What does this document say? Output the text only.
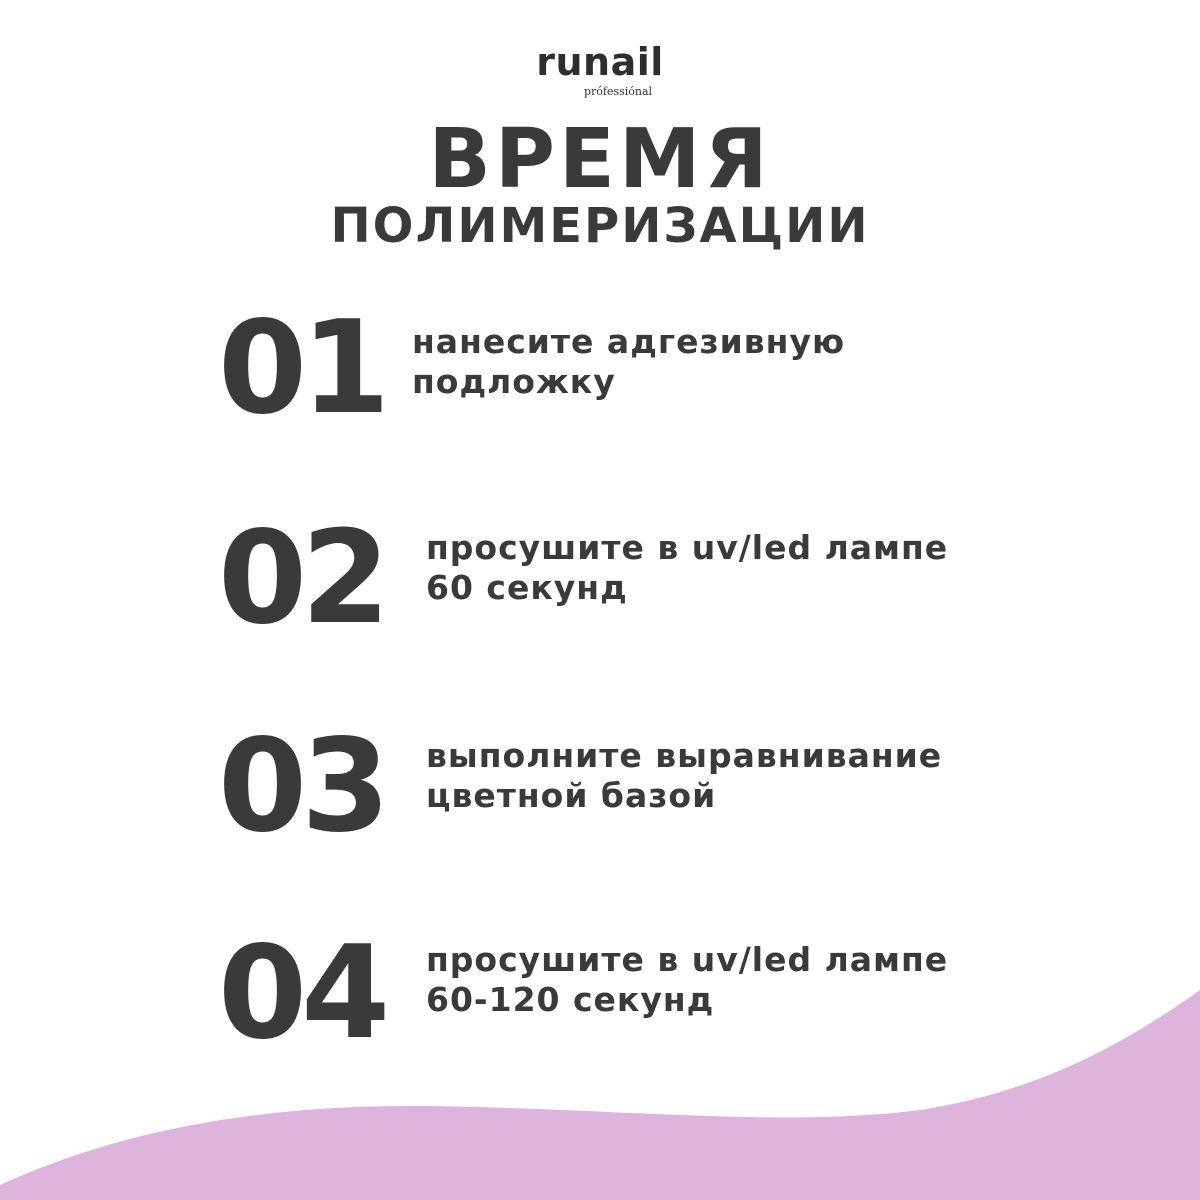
runail
prófessiónal
ВРЕМЯ
ПОЛИМЕРИЗАЦИИ
01 нанесите адгезивную
подложку
02 просушите в uv/led лампе
60 секунд
03 выполните выравнивание
цветной базой
04 просушите в uv/led лампе
60-120 секунд
